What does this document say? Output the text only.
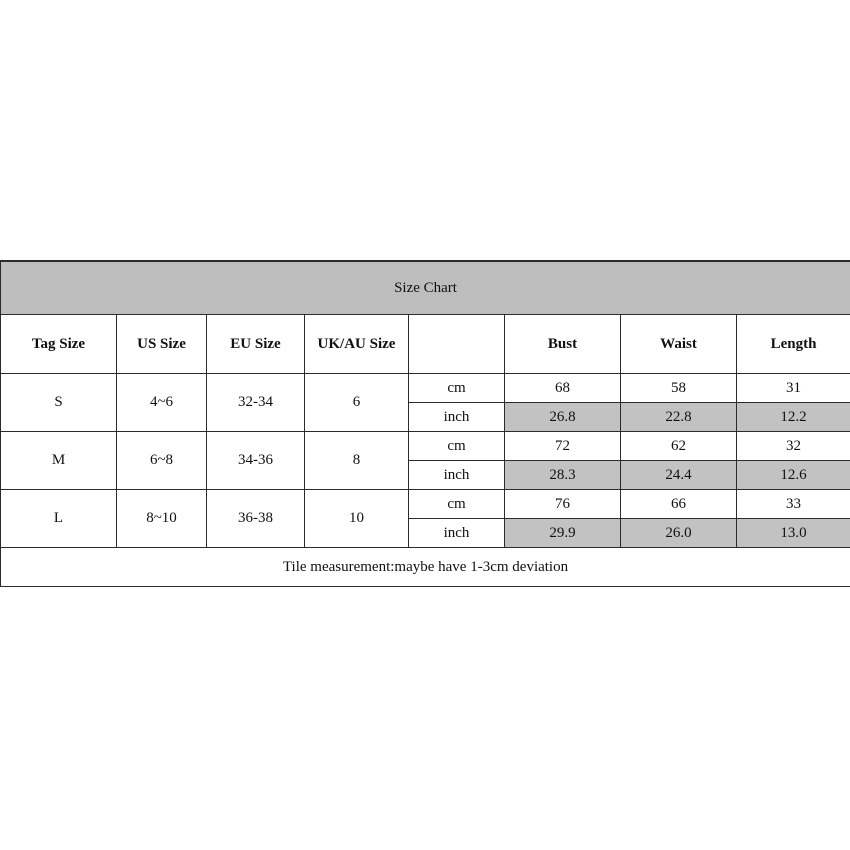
Size Chart							
Tag Size	US Size	EU Size	UK/AU Size		Bust	Waist	Length
S	4~6	32-34	6	cm	68	58	31
				inch	26.8	22.8	12.2
M	6~8	34-36	8	cm	72	62	32
				inch	28.3	24.4	12.6
L	8~10	36-38	10	cm	76	66	33
				inch	29.9	26.0	13.0
Tile measurement:maybe have 1-3cm deviation							
